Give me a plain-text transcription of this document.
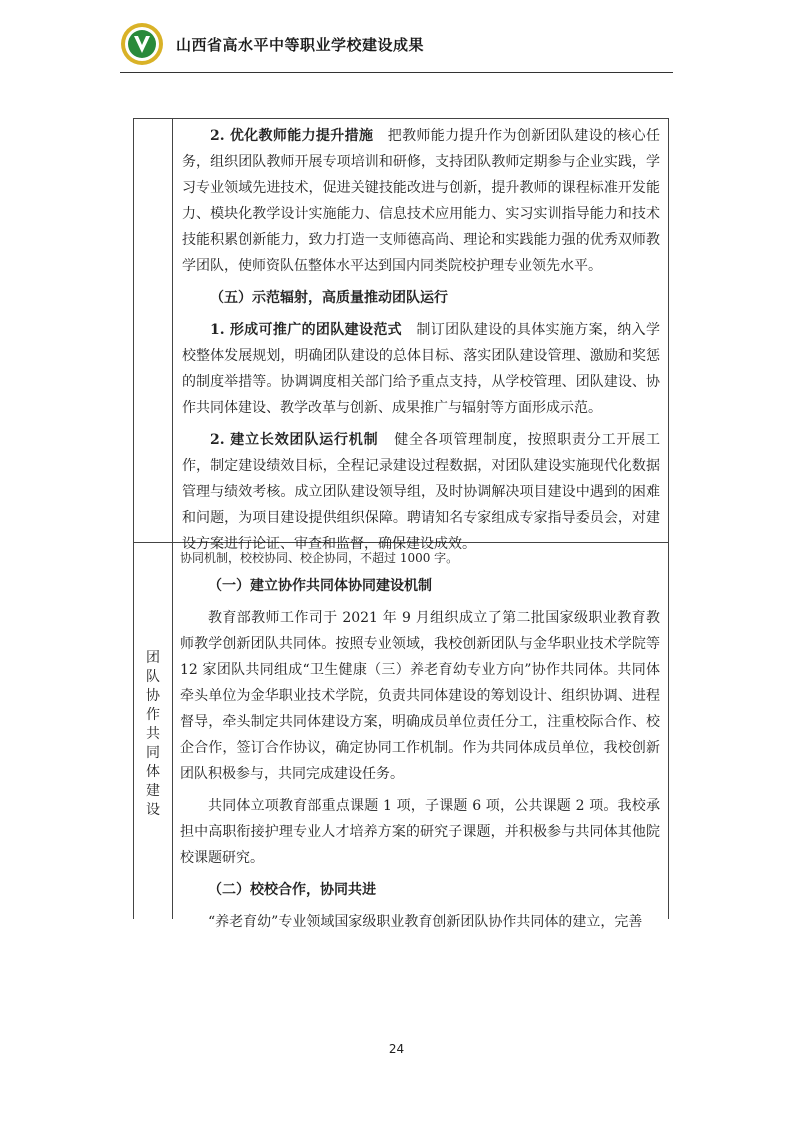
山西省高水平中等职业学校建设成果

2. 优化教师能力提升措施 把教师能力提升作为创新团队建设的核心任务，组织团队教师开展专项培训和研修，支持团队教师定期参与企业实践，学习专业领域先进技术，促进关键技能改进与创新，提升教师的课程标准开发能力、模块化教学设计实施能力、信息技术应用能力、实习实训指导能力和技术技能积累创新能力，致力打造一支师德高尚、理论和实践能力强的优秀双师教学团队，使师资队伍整体水平达到国内同类院校护理专业领先水平。

（五）示范辐射，高质量推动团队运行

1. 形成可推广的团队建设范式 制订团队建设的具体实施方案，纳入学校整体发展规划，明确团队建设的总体目标、落实团队建设管理、激励和奖惩的制度举措等。协调调度相关部门给予重点支持，从学校管理、团队建设、协作共同体建设、教学改革与创新、成果推广与辐射等方面形成示范。

2. 建立长效团队运行机制 健全各项管理制度，按照职责分工开展工作，制定建设绩效目标，全程记录建设过程数据，对团队建设实施现代化数据管理与绩效考核。成立团队建设领导组，及时协调解决项目建设中遇到的困难和问题，为项目建设提供组织保障。聘请知名专家组成专家指导委员会，对建设方案进行论证、审查和监督，确保建设成效。

团
队
协
作
共
同
体
建
设

协同机制，校校协同、校企协同，不超过 1000 字。

（一）建立协作共同体协同建设机制

教育部教师工作司于 2021 年 9 月组织成立了第二批国家级职业教育教师教学创新团队共同体。按照专业领域，我校创新团队与金华职业技术学院等 12 家团队共同组成“卫生健康（三）养老育幼专业方向”协作共同体。共同体牵头单位为金华职业技术学院，负责共同体建设的筹划设计、组织协调、进程督导，牵头制定共同体建设方案，明确成员单位责任分工，注重校际合作、校企合作，签订合作协议，确定协同工作机制。作为共同体成员单位，我校创新团队积极参与，共同完成建设任务。

共同体立项教育部重点课题 1 项，子课题 6 项，公共课题 2 项。我校承担中高职衔接护理专业人才培养方案的研究子课题，并积极参与共同体其他院校课题研究。

（二）校校合作，协同共进

“养老育幼”专业领域国家级职业教育创新团队协作共同体的建立，完善

24
